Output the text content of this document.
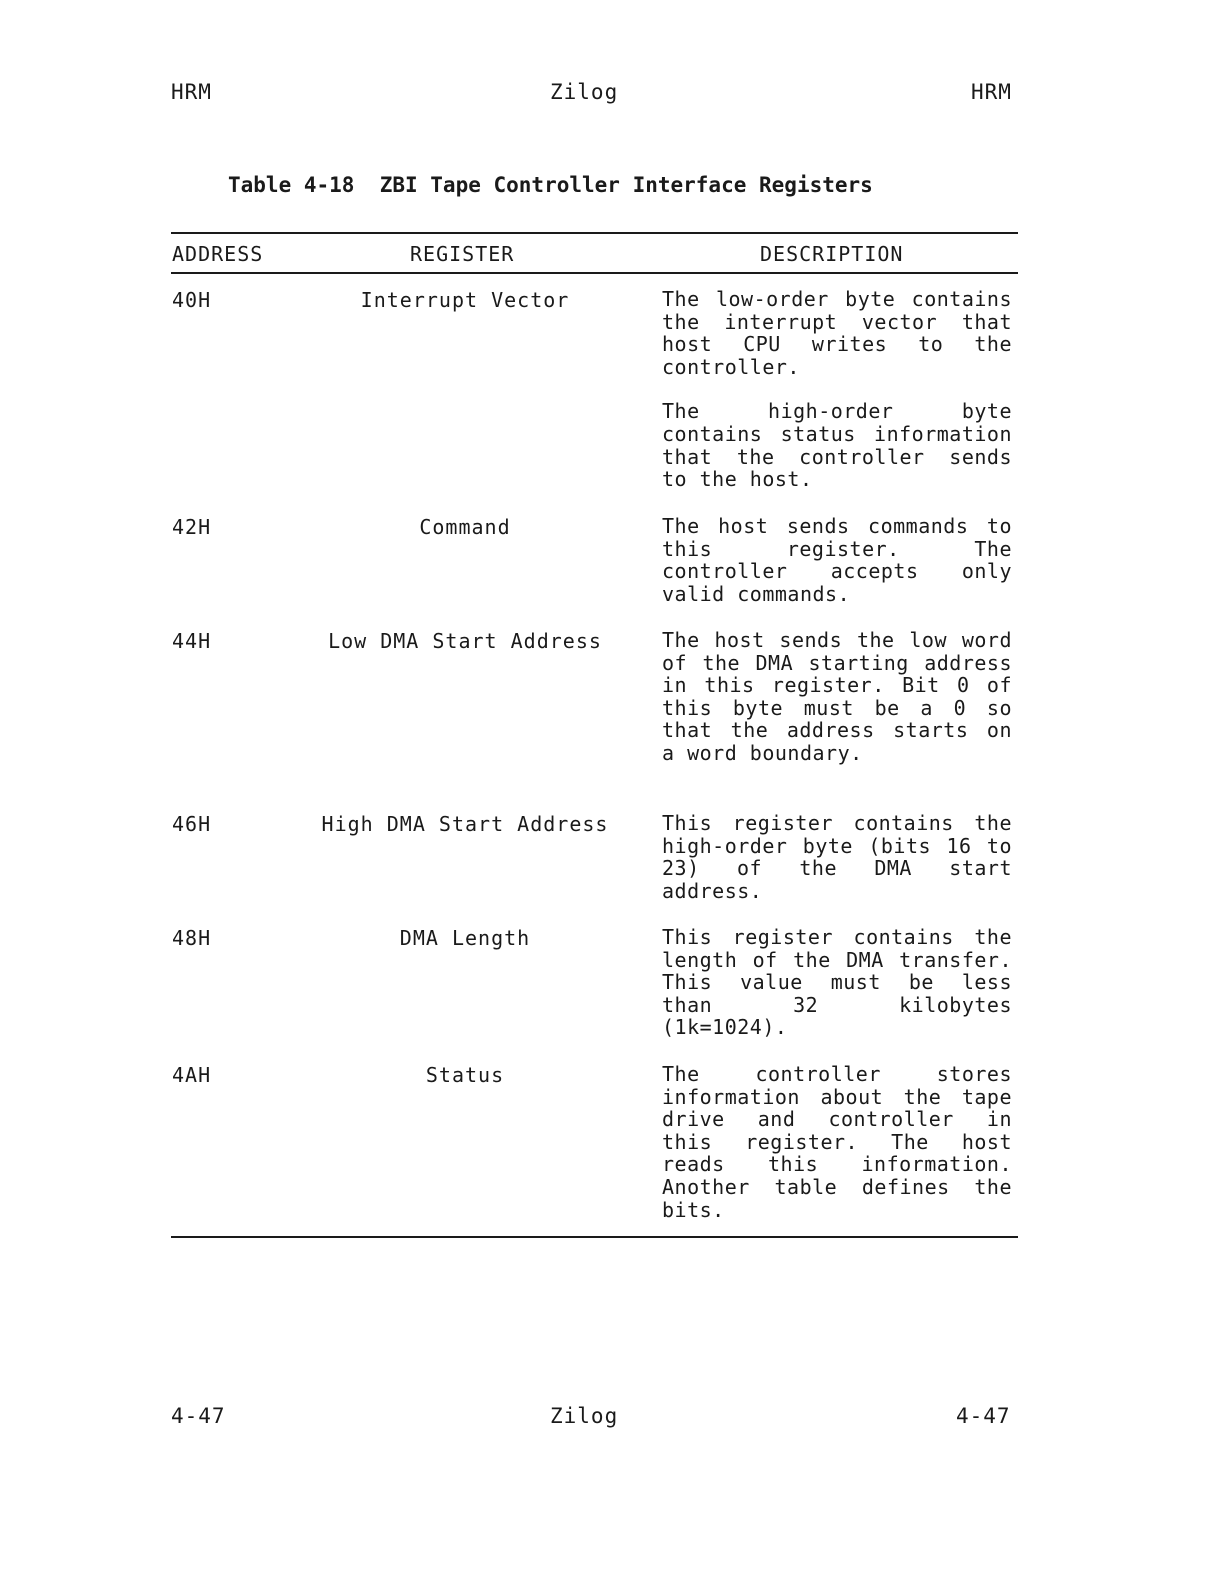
HRM	Zilog	HRM
Table 4-18  ZBI Tape Controller Interface Registers
ADDRESS	REGISTER	DESCRIPTION
40H	Interrupt Vector	The low-order byte contains the interrupt vector that host CPU writes to the controller.

The high-order byte contains status information that the controller sends to the host.

42H	Command	The host sends commands to this register. The controller accepts only valid commands.

44H	Low DMA Start Address	The host sends the low word of the DMA starting address in this register. Bit 0 of this byte must be a 0 so that the address starts on a word boundary.

46H	High DMA Start Address	This register contains the high-order byte (bits 16 to 23) of the DMA start address.

48H	DMA Length	This register contains the length of the DMA transfer. This value must be less than 32 kilobytes (1k=1024).

4AH	Status	The controller stores information about the tape drive and controller in this register. The host reads this information. Another table defines the bits.

4-47	Zilog	4-47
